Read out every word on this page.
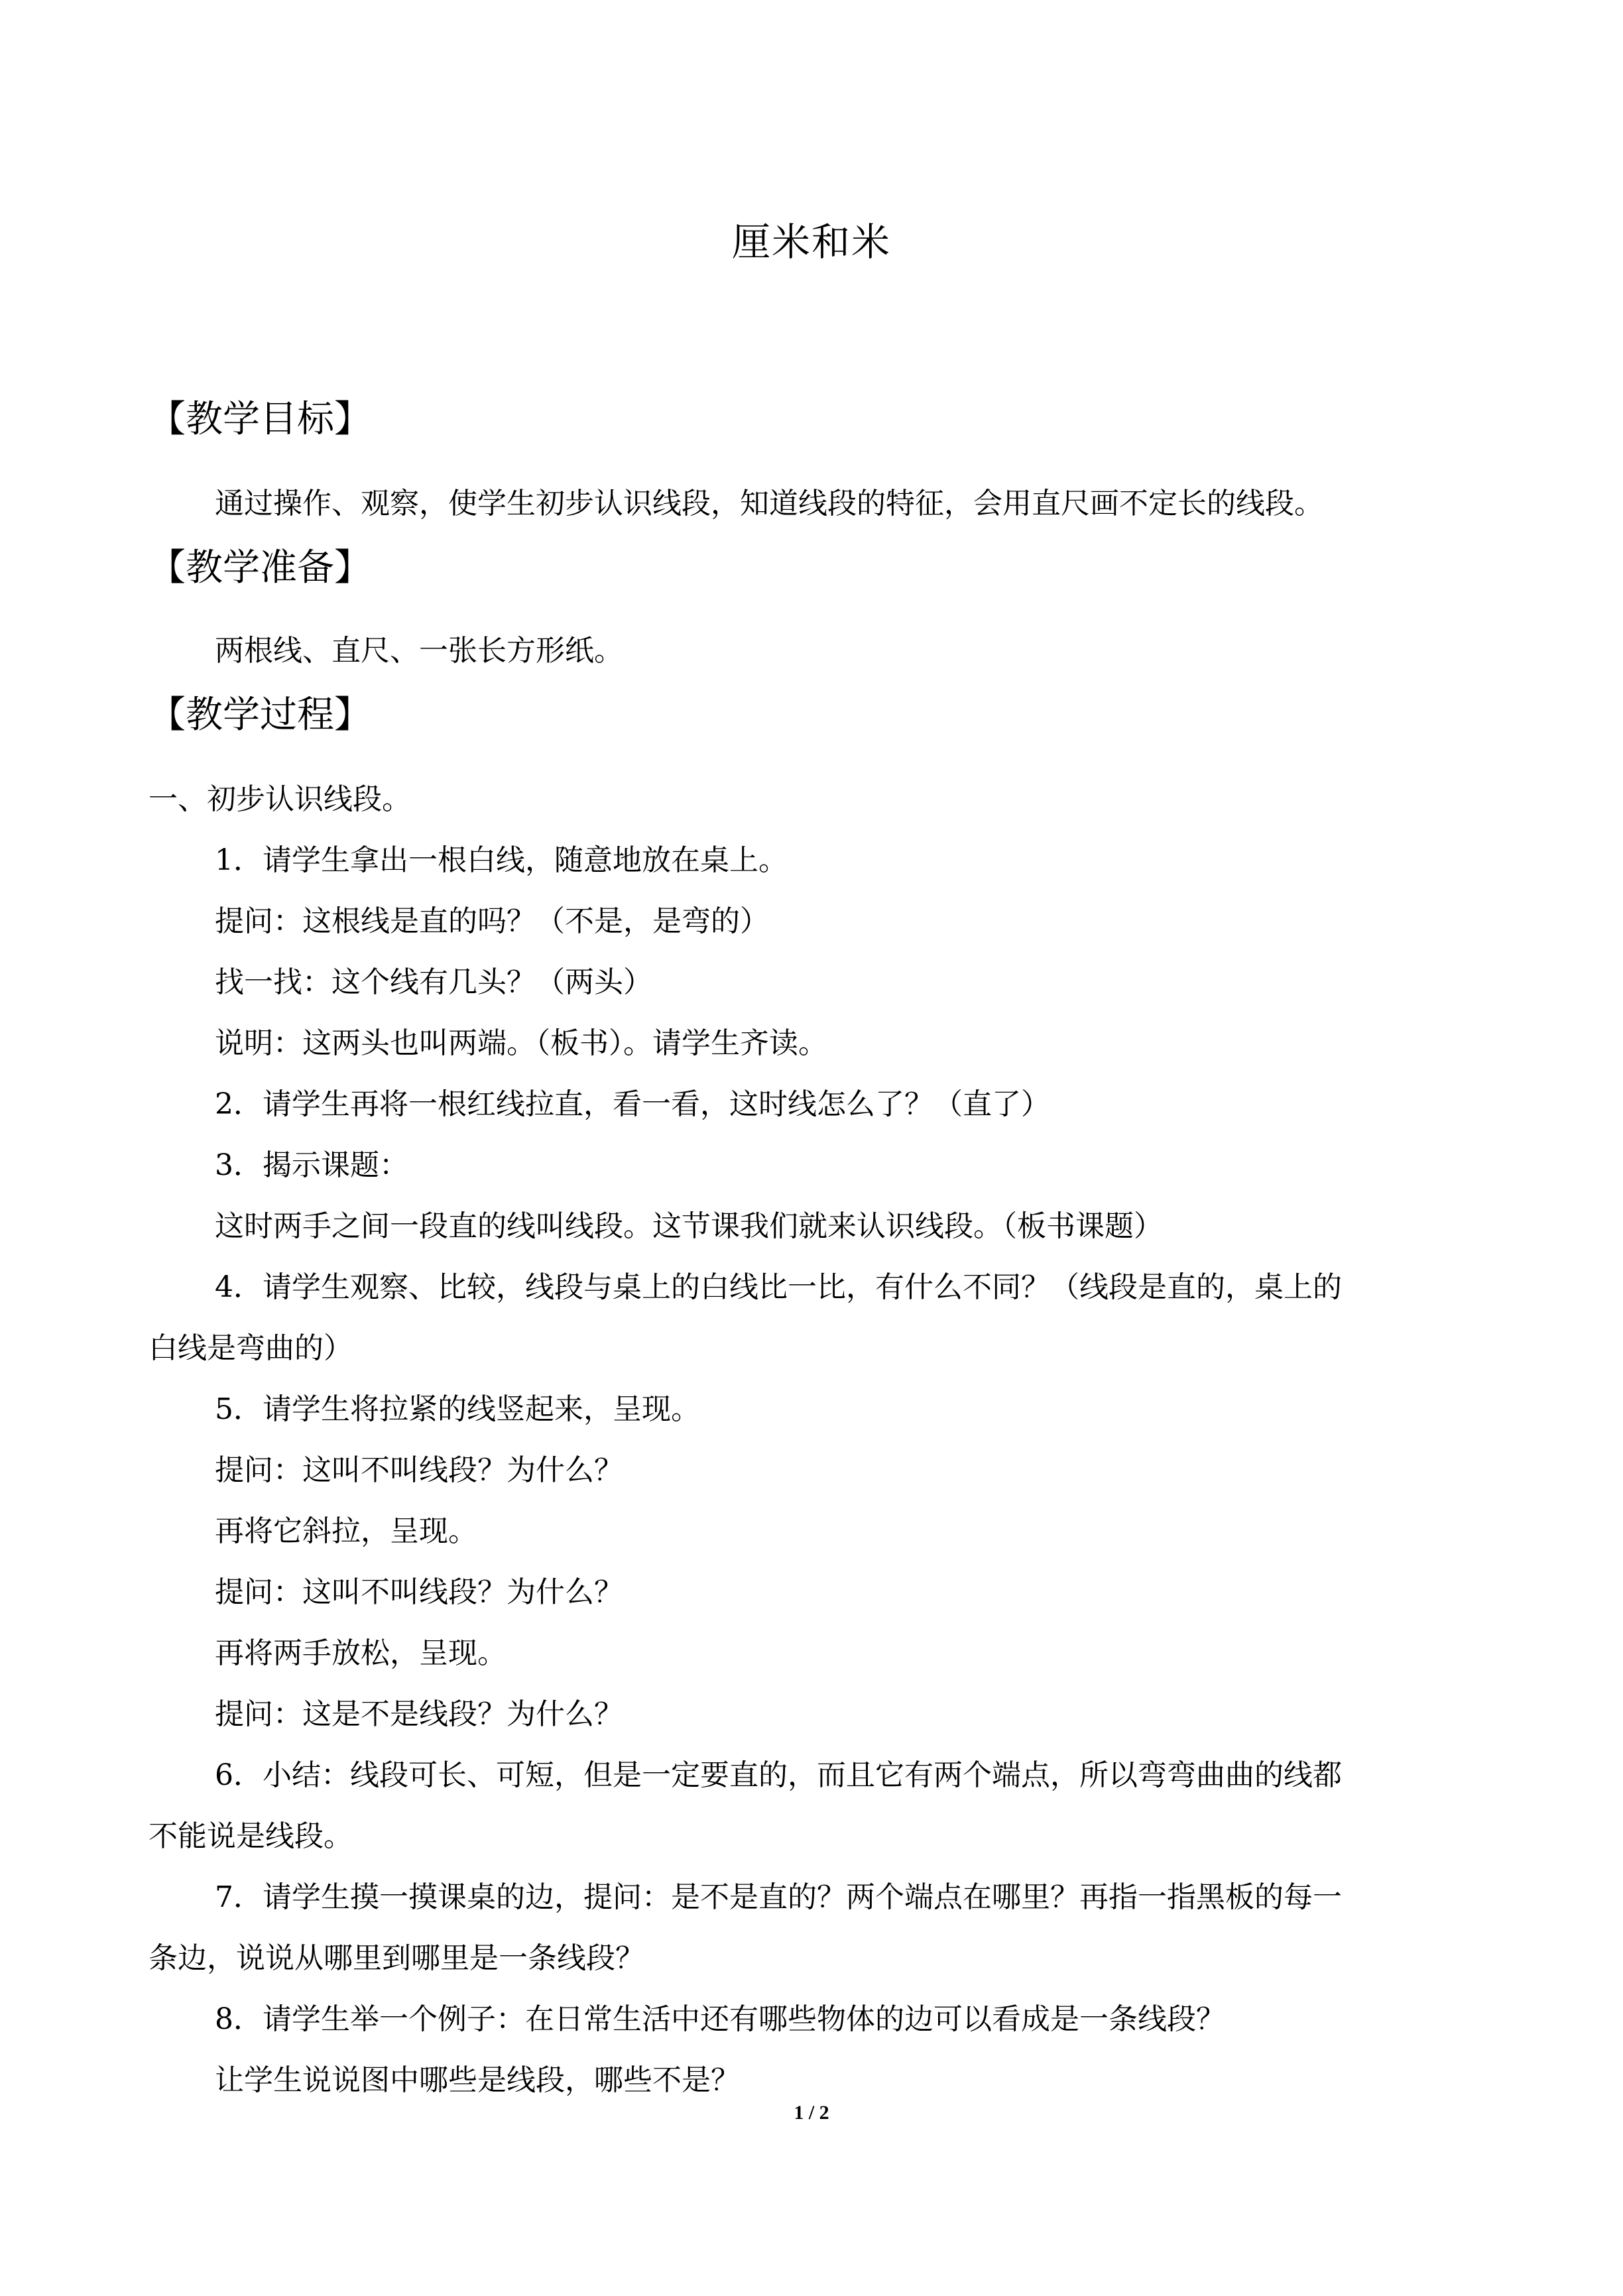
厘米和米
【教学目标】
通过操作、观察，使学生初步认识线段，知道线段的特征，会用直尺画不定长的线段。
【教学准备】
两根线、直尺、一张长方形纸。
【教学过程】
一、初步认识线段。
1．请学生拿出一根白线，随意地放在桌上。
提问：这根线是直的吗？（不是，是弯的）
找一找：这个线有几头？（两头）
说明：这两头也叫两端。（板书）。请学生齐读。
2．请学生再将一根红线拉直，看一看，这时线怎么了？（直了）
3．揭示课题：
这时两手之间一段直的线叫线段。这节课我们就来认识线段。（板书课题）
4．请学生观察、比较，线段与桌上的白线比一比，有什么不同？（线段是直的，桌上的
白线是弯曲的）
5．请学生将拉紧的线竖起来，呈现。
提问：这叫不叫线段？为什么？
再将它斜拉，呈现。
提问：这叫不叫线段？为什么？
再将两手放松，呈现。
提问：这是不是线段？为什么？
6．小结：线段可长、可短，但是一定要直的，而且它有两个端点，所以弯弯曲曲的线都
不能说是线段。
7．请学生摸一摸课桌的边，提问：是不是直的？两个端点在哪里？再指一指黑板的每一
条边，说说从哪里到哪里是一条线段？
8．请学生举一个例子：在日常生活中还有哪些物体的边可以看成是一条线段？
让学生说说图中哪些是线段，哪些不是？
1 / 2
